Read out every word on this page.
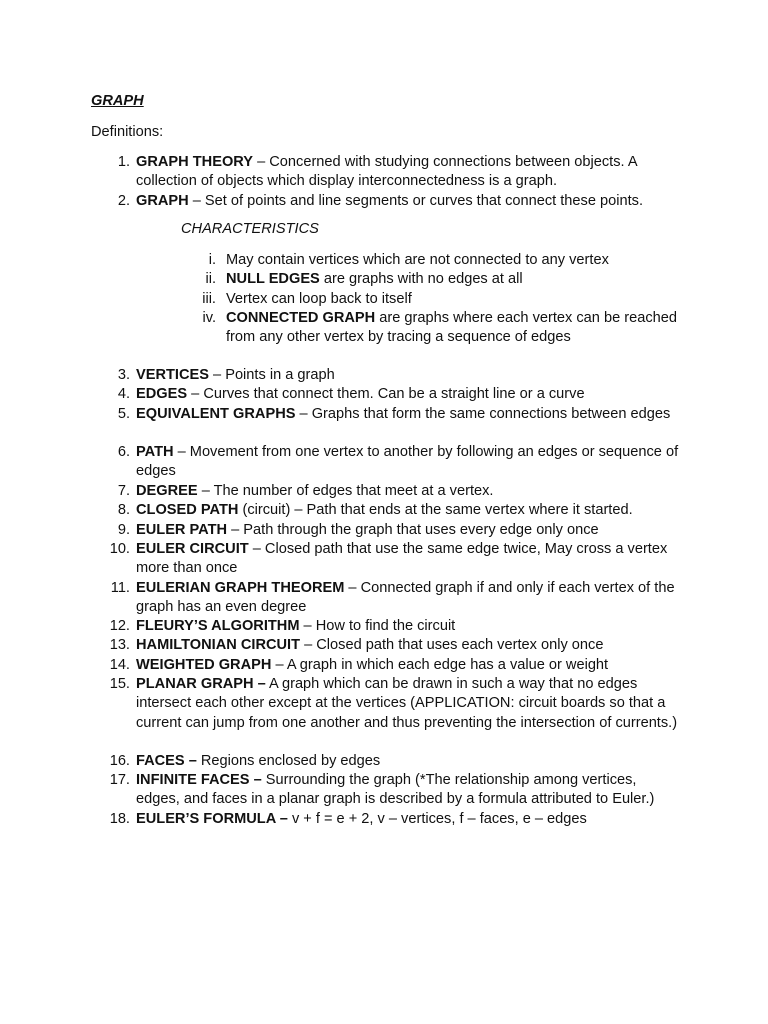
GRAPH
Definitions:
1. GRAPH THEORY – Concerned with studying connections between objects. A collection of objects which display interconnectedness is a graph.
2. GRAPH – Set of points and line segments or curves that connect these points.
3. VERTICES – Points in a graph
4. EDGES – Curves that connect them. Can be a straight line or a curve
5. EQUIVALENT GRAPHS – Graphs that form the same connections between edges
6. PATH – Movement from one vertex to another by following an edges or sequence of edges
7. DEGREE – The number of edges that meet at a vertex.
8. CLOSED PATH (circuit) – Path that ends at the same vertex where it started.
9. EULER PATH – Path through the graph that uses every edge only once
10. EULER CIRCUIT – Closed path that use the same edge twice, May cross a vertex more than once
11. EULERIAN GRAPH THEOREM – Connected graph if and only if each vertex of the graph has an even degree
12. FLEURY’S ALGORITHM – How to find the circuit
13. HAMILTONIAN CIRCUIT – Closed path that uses each vertex only once
14. WEIGHTED GRAPH – A graph in which each edge has a value or weight
15. PLANAR GRAPH – A graph which can be drawn in such a way that no edges intersect each other except at the vertices (APPLICATION: circuit boards so that a current can jump from one another and thus preventing the intersection of currents.)
16. FACES – Regions enclosed by edges
17. INFINITE FACES – Surrounding the graph (*The relationship among vertices, edges, and faces in a planar graph is described by a formula attributed to Euler.)
18. EULER’S FORMULA – v + f = e + 2, v – vertices, f – faces, e – edges
CHARACTERISTICS
i. May contain vertices which are not connected to any vertex
ii. NULL EDGES are graphs with no edges at all
iii. Vertex can loop back to itself
iv. CONNECTED GRAPH are graphs where each vertex can be reached from any other vertex by tracing a sequence of edges
